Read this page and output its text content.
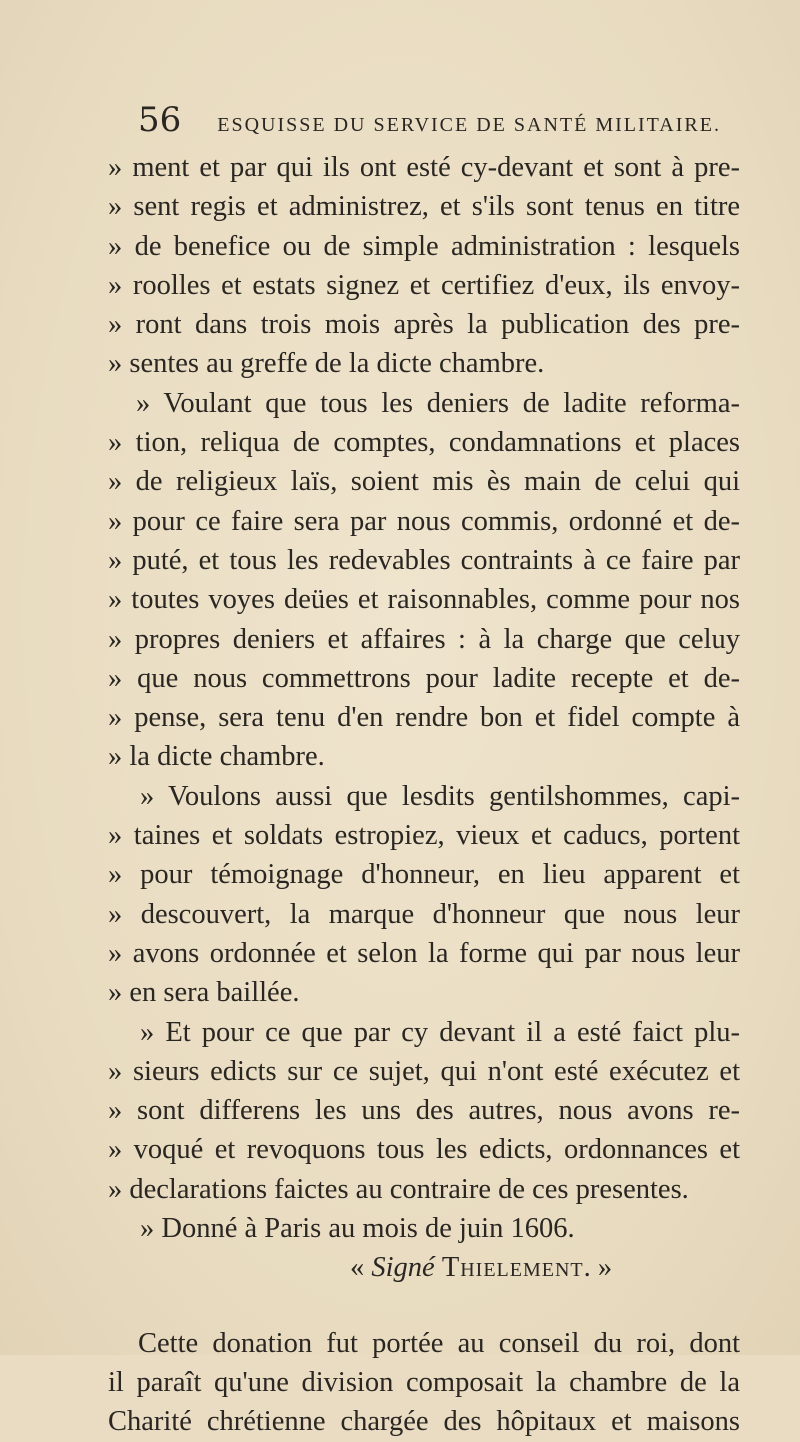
56 ESQUISSE DU SERVICE DE SANTÉ MILITAIRE.
» ment et par qui ils ont esté cy-devant et sont à pre-
» sent regis et administrez, et s'ils sont tenus en titre
» de benefice ou de simple administration : lesquels
» roolles et estats signez et certifiez d'eux, ils envoy-
» ront dans trois mois après la publication des pre-
» sentes au greffe de la dicte chambre.
» Voulant que tous les deniers de ladite reforma-
» tion, reliqua de comptes, condamnations et places
» de religieux laïs, soient mis ès main de celui qui
» pour ce faire sera par nous commis, ordonné et de-
» puté, et tous les redevables contraints à ce faire par
» toutes voyes deües et raisonnables, comme pour nos
» propres deniers et affaires : à la charge que celuy
» que nous commettrons pour ladite recepte et de-
» pense, sera tenu d'en rendre bon et fidel compte à
» la dicte chambre.
» Voulons aussi que lesdits gentilshommes, capi-
» taines et soldats estropiez, vieux et caducs, portent
» pour témoignage d'honneur, en lieu apparent et
» descouvert, la marque d'honneur que nous leur
» avons ordonnée et selon la forme qui par nous leur
» en sera baillée.
» Et pour ce que par cy devant il a esté faict plu-
» sieurs edicts sur ce sujet, qui n'ont esté exécutez et
» sont differens les uns des autres, nous avons re-
» voqué et revoquons tous les edicts, ordonnances et
» declarations faictes au contraire de ces presentes.
» Donné à Paris au mois de juin 1606.
« Signé Thielement. »
Cette donation fut portée au conseil du roi, dont
il paraît qu'une division composait la chambre de la
Charité chrétienne chargée des hôpitaux et maisons
